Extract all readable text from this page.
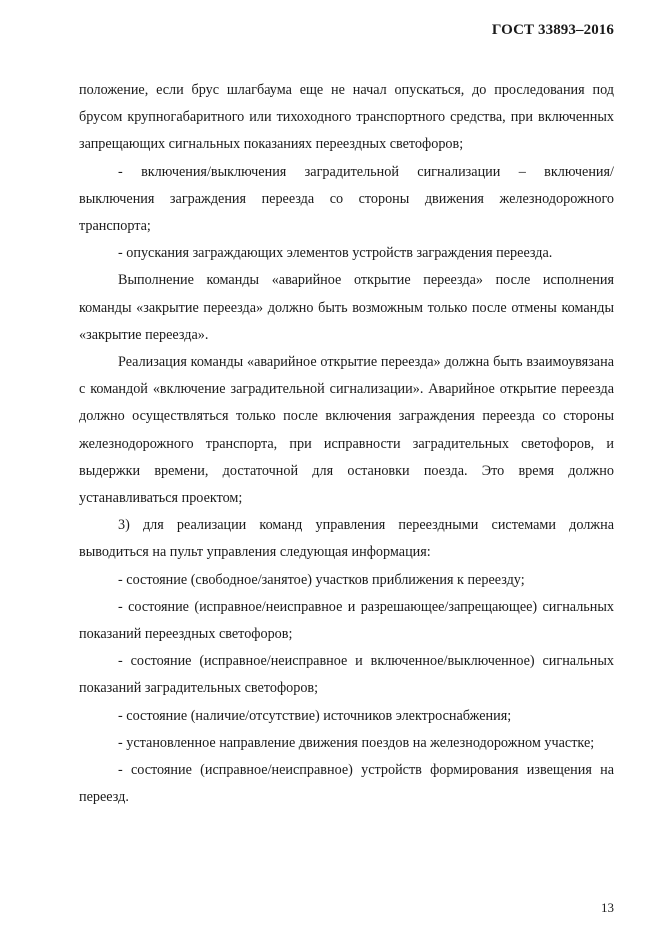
ГОСТ 33893–2016

положение, если брус шлагбаума еще не начал опускаться, до проследования под брусом крупногабаритного или тихоходного транспортного средства, при включенных запрещающих сигнальных показаниях переездных светофоров;

- включения/выключения заградительной сигнализации – включения/выключения заграждения переезда со стороны движения железнодорожного транспорта;

- опускания заграждающих элементов устройств заграждения переезда.

Выполнение команды «аварийное открытие переезда» после исполнения команды «закрытие переезда» должно быть возможным только после отмены команды «закрытие переезда».

Реализация команды «аварийное открытие переезда» должна быть взаимоувязана с командой «включение заградительной сигнализации». Аварийное открытие переезда должно осуществляться только после включения заграждения переезда со стороны железнодорожного транспорта, при исправности заградительных светофоров, и выдержки времени, достаточной для остановки поезда. Это время должно устанавливаться проектом;

3) для реализации команд управления переездными системами должна выводиться на пульт управления следующая информация:

- состояние (свободное/занятое) участков приближения к переезду;

- состояние (исправное/неисправное и разрешающее/запрещающее) сигнальных показаний переездных светофоров;

- состояние (исправное/неисправное и включенное/выключенное) сигнальных показаний заградительных светофоров;

- состояние (наличие/отсутствие) источников электроснабжения;

- установленное направление движения поездов на железнодорожном участке;

- состояние (исправное/неисправное) устройств формирования извещения на переезд.

13
